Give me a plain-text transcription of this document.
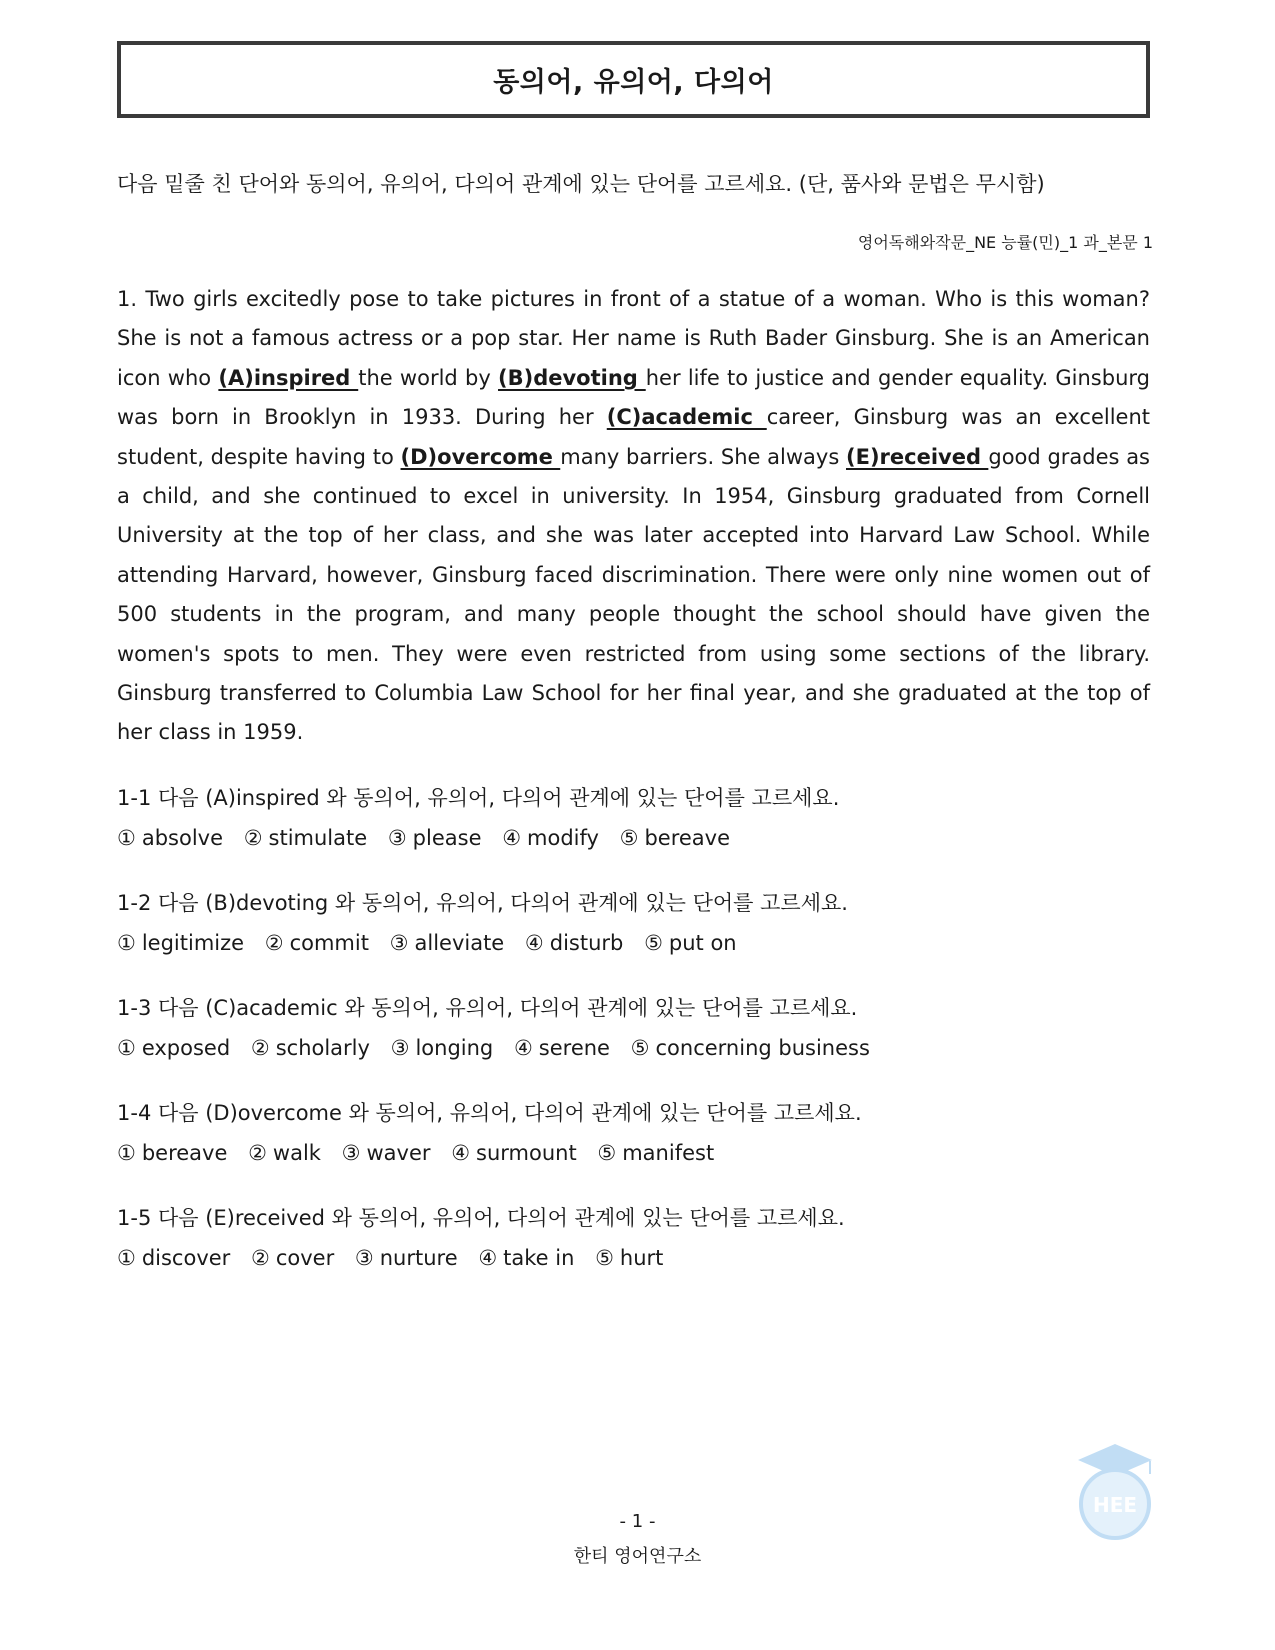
동의어, 유의어, 다의어
다음 밑줄 친 단어와 동의어, 유의어, 다의어 관계에 있는 단어를 고르세요. (단, 품사와 문법은 무시함)
영어독해와작문_NE 능률(민)_1 과_본문 1

1. Two girls excitedly pose to take pictures in front of a statue of a woman. Who is this woman? She is not a famous actress or a pop star. Her name is Ruth Bader Ginsburg. She is an American icon who (A)inspired the world by (B)devoting her life to justice and gender equality. Ginsburg was born in Brooklyn in 1933. During her (C)academic career, Ginsburg was an excellent student, despite having to (D)overcome many barriers. She always (E)received good grades as a child, and she continued to excel in university. In 1954, Ginsburg graduated from Cornell University at the top of her class, and she was later accepted into Harvard Law School. While attending Harvard, however, Ginsburg faced discrimination. There were only nine women out of 500 students in the program, and many people thought the school should have given the women's spots to men. They were even restricted from using some sections of the library. Ginsburg transferred to Columbia Law School for her final year, and she graduated at the top of her class in 1959.

1-1 다음 (A)inspired 와 동의어, 유의어, 다의어 관계에 있는 단어를 고르세요.
① absolve ② stimulate ③ please ④ modify ⑤ bereave
1-2 다음 (B)devoting 와 동의어, 유의어, 다의어 관계에 있는 단어를 고르세요.
① legitimize ② commit ③ alleviate ④ disturb ⑤ put on
1-3 다음 (C)academic 와 동의어, 유의어, 다의어 관계에 있는 단어를 고르세요.
① exposed ② scholarly ③ longing ④ serene ⑤ concerning business
1-4 다음 (D)overcome 와 동의어, 유의어, 다의어 관계에 있는 단어를 고르세요.
① bereave ② walk ③ waver ④ surmount ⑤ manifest
1-5 다음 (E)received 와 동의어, 유의어, 다의어 관계에 있는 단어를 고르세요.
① discover ② cover ③ nurture ④ take in ⑤ hurt
HEE
- 1 -
한티 영어연구소
